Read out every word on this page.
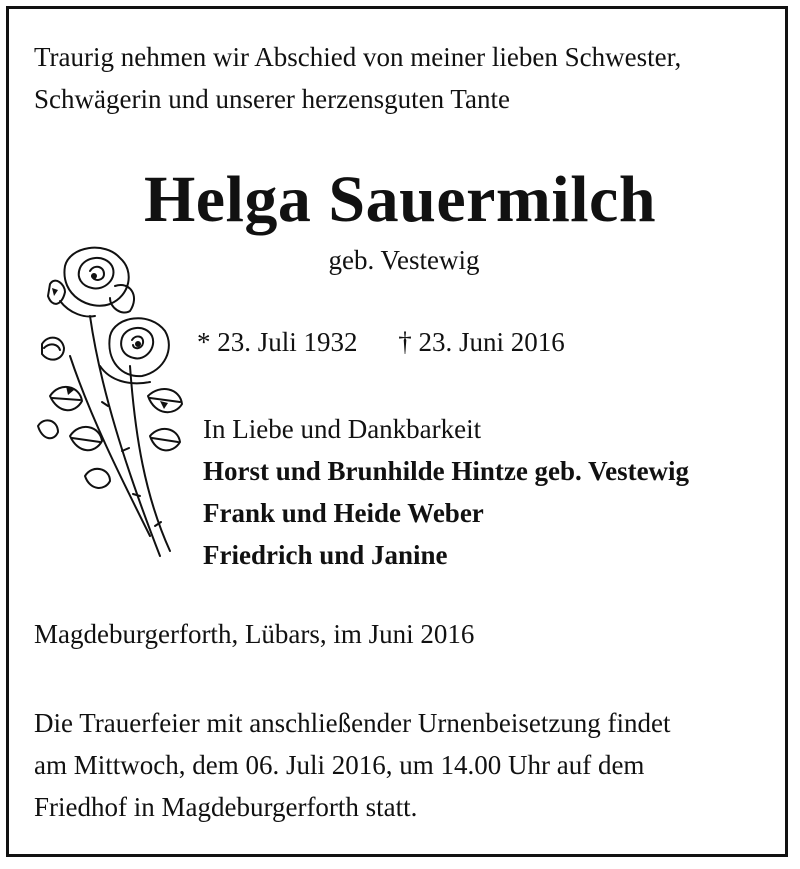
Traurig nehmen wir Abschied von meiner lieben Schwester,
Schwägerin und unserer herzensguten Tante

Helga Sauermilch
geb. Vestewig
* 23. Juli 1932 † 23. Juni 2016
In Liebe und Dankbarkeit
Horst und Brunhilde Hintze geb. Vestewig
Frank und Heide Weber
Friedrich und Janine
Magdeburgerforth, Lübars, im Juni 2016

Die Trauerfeier mit anschließender Urnenbeisetzung findet
am Mittwoch, dem 06. Juli 2016, um 14.00 Uhr auf dem
Friedhof in Magdeburgerforth statt.
